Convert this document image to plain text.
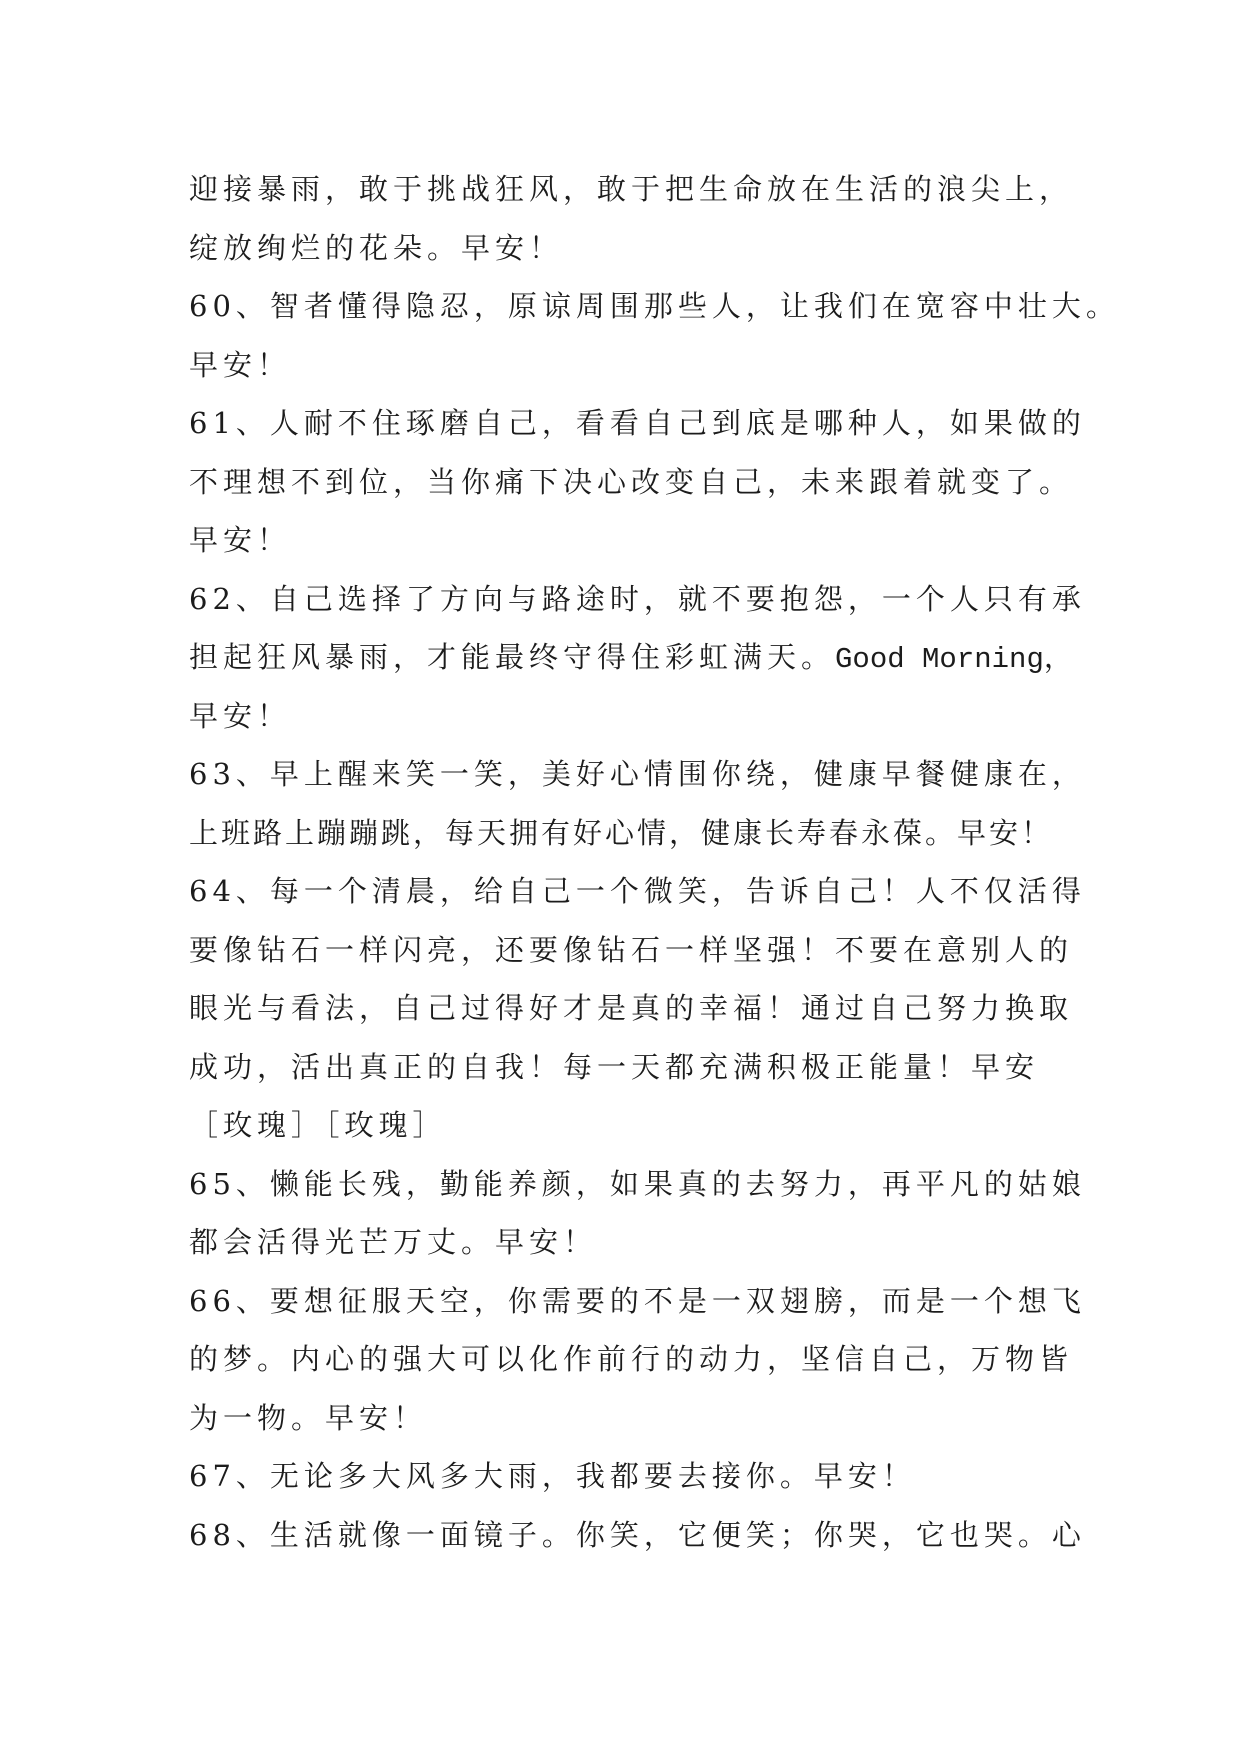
迎接暴雨，敢于挑战狂风，敢于把生命放在生活的浪尖上，
绽放绚烂的花朵。早安！
60、智者懂得隐忍，原谅周围那些人，让我们在宽容中壮大。
早安！
61、人耐不住琢磨自己，看看自己到底是哪种人，如果做的
不理想不到位，当你痛下决心改变自己，未来跟着就变了。
早安！
62、自己选择了方向与路途时，就不要抱怨，一个人只有承
担起狂风暴雨，才能最终守得住彩虹满天。Good Morning，
早安！
63、早上醒来笑一笑，美好心情围你绕，健康早餐健康在，
上班路上蹦蹦跳，每天拥有好心情，健康长寿春永葆。早安！
64、每一个清晨，给自己一个微笑，告诉自己！人不仅活得
要像钻石一样闪亮，还要像钻石一样坚强！不要在意别人的
眼光与看法，自己过得好才是真的幸福！通过自己努力换取
成功，活出真正的自我！每一天都充满积极正能量！早安
［玫瑰］［玫瑰］
65、懒能长残，勤能养颜，如果真的去努力，再平凡的姑娘
都会活得光芒万丈。早安！
66、要想征服天空，你需要的不是一双翅膀，而是一个想飞
的梦。内心的强大可以化作前行的动力，坚信自己，万物皆
为一物。早安！
67、无论多大风多大雨，我都要去接你。早安！
68、生活就像一面镜子。你笑，它便笑；你哭，它也哭。心
